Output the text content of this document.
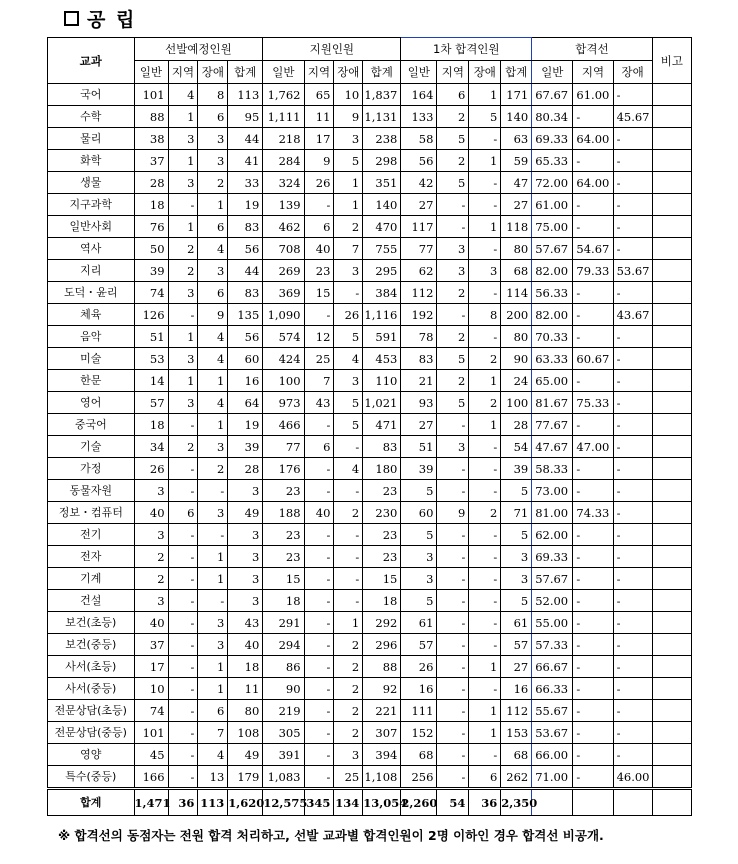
공 립
교과	선발예정인원				지원인원				1차 합격인원				합격선			비고
	일반	지역	장애	합계	일반	지역	장애	합계	일반	지역	장애	합계	일반	지역	장애	
국어	101	4	8	113	1,762	65	10	1,837	164	6	1	171	67.67	61.00	-	
수학	88	1	6	95	1,111	11	9	1,131	133	2	5	140	80.34	-	45.67	
물리	38	3	3	44	218	17	3	238	58	5	-	63	69.33	64.00	-	
화학	37	1	3	41	284	9	5	298	56	2	1	59	65.33	-	-	
생물	28	3	2	33	324	26	1	351	42	5	-	47	72.00	64.00	-	
지구과학	18	-	1	19	139	-	1	140	27	-	-	27	61.00	-	-	
일반사회	76	1	6	83	462	6	2	470	117	-	1	118	75.00	-	-	
역사	50	2	4	56	708	40	7	755	77	3	-	80	57.67	54.67	-	
지리	39	2	3	44	269	23	3	295	62	3	3	68	82.00	79.33	53.67	
도덕・윤리	74	3	6	83	369	15	-	384	112	2	-	114	56.33	-	-	
체육	126	-	9	135	1,090	-	26	1,116	192	-	8	200	82.00	-	43.67	
음악	51	1	4	56	574	12	5	591	78	2	-	80	70.33	-	-	
미술	53	3	4	60	424	25	4	453	83	5	2	90	63.33	60.67	-	
한문	14	1	1	16	100	7	3	110	21	2	1	24	65.00	-	-	
영어	57	3	4	64	973	43	5	1,021	93	5	2	100	81.67	75.33	-	
중국어	18	-	1	19	466	-	5	471	27	-	1	28	77.67	-	-	
기술	34	2	3	39	77	6	-	83	51	3	-	54	47.67	47.00	-	
가정	26	-	2	28	176	-	4	180	39	-	-	39	58.33	-	-	
동물자원	3	-	-	3	23	-	-	23	5	-	-	5	73.00	-	-	
정보・컴퓨터	40	6	3	49	188	40	2	230	60	9	2	71	81.00	74.33	-	
전기	3	-	-	3	23	-	-	23	5	-	-	5	62.00	-	-	
전자	2	-	1	3	23	-	-	23	3	-	-	3	69.33	-	-	
기계	2	-	1	3	15	-	-	15	3	-	-	3	57.67	-	-	
건설	3	-	-	3	18	-	-	18	5	-	-	5	52.00	-	-	
보건(초등)	40	-	3	43	291	-	1	292	61	-	-	61	55.00	-	-	
보건(중등)	37	-	3	40	294	-	2	296	57	-	-	57	57.33	-	-	
사서(초등)	17	-	1	18	86	-	2	88	26	-	1	27	66.67	-	-	
사서(중등)	10	-	1	11	90	-	2	92	16	-	-	16	66.33	-	-	
전문상담(초등)	74	-	6	80	219	-	2	221	111	-	1	112	55.67	-	-	
전문상담(중등)	101	-	7	108	305	-	2	307	152	-	1	153	53.67	-	-	
영양	45	-	4	49	391	-	3	394	68	-	-	68	66.00	-	-	
특수(중등)	166	-	13	179	1,083	-	25	1,108	256	-	6	262	71.00	-	46.00	
합계	1,471	36	113	1,620	12,575	345	134	13,054	2,260	54	36	2,350				
※ 합격선의 동점자는 전원 합격 처리하고, 선발 교과별 합격인원이 2명 이하인 경우 합격선 비공개.
